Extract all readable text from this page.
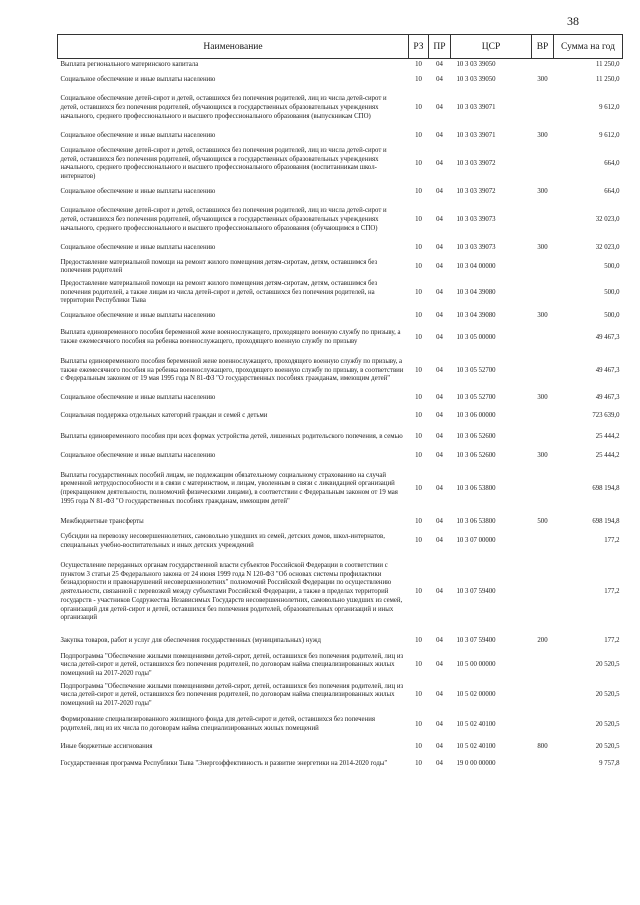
38
Наименование	РЗ	ПР	ЦСР	ВР	Сумма на год
Выплата регионального материнского капитала	10	04	10 3 03 39050		11 250,0
Социальное обеспечение и иные выплаты населению	10	04	10 3 03 39050	300	11 250,0
Социальное обеспечение детей-сирот и детей, оставшихся без попечения родителей, лиц из числа детей-сирот и детей, оставшихся без попечения родителей, обучающихся в государственных образовательных учреждениях начального, среднего профессионального и высшего профессионального образования (выпускникам СПО)	10	04	10 3 03 39071		9 612,0
Социальное обеспечение и иные выплаты населению	10	04	10 3 03 39071	300	9 612,0
Социальное обеспечение детей-сирот и детей, оставшихся без попечения родителей, лиц из числа детей-сирот и детей, оставшихся без попечения родителей, обучающихся в государственных образовательных учреждениях начального, среднего профессионального и высшего профессионального образования (воспитанникам школ-интернатов)	10	04	10 3 03 39072		664,0
Социальное обеспечение и иные выплаты населению	10	04	10 3 03 39072	300	664,0
Социальное обеспечение детей-сирот и детей, оставшихся без попечения родителей, лиц из числа детей-сирот и детей, оставшихся без попечения родителей, обучающихся в государственных образовательных учреждениях начального, среднего профессионального и высшего профессионального образования (обучающимся в СПО)	10	04	10 3 03 39073		32 023,0
Социальное обеспечение и иные выплаты населению	10	04	10 3 03 39073	300	32 023,0
Предоставление материальной помощи на ремонт жилого помещения детям-сиротам, детям, оставшимся без попечения родителей	10	04	10 3 04 00000		500,0
Предоставление материальной помощи на ремонт жилого помещения детям-сиротам, детям, оставшимся без попечения родителей, а также лицам из числа детей-сирот и детей, оставшихся без попечения родителей, на территории Республики Тыва	10	04	10 3 04 39080		500,0
Социальное обеспечение и иные выплаты населению	10	04	10 3 04 39080	300	500,0
Выплата единовременного пособия беременной жене военнослужащего, проходящего военную службу по призыву, а также ежемесячного пособия на ребенка военнослужащего, проходящего военную службу по призыву	10	04	10 3 05 00000		49 467,3
Выплаты единовременного пособия беременной жене военнослужащего, проходящего военную службу по призыву, а также ежемесячного пособия на ребенка военнослужащего, проходящего военную службу по призыву, в соответствии с Федеральным законом от 19 мая 1995 года N 81-ФЗ "О государственных пособиях гражданам, имеющим детей"	10	04	10 3 05 52700		49 467,3
Социальное обеспечение и иные выплаты населению	10	04	10 3 05 52700	300	49 467,3
Социальная поддержка отдельных категорий граждан и семей с детьми	10	04	10 3 06 00000		723 639,0
Выплаты единовременного пособия при всех формах устройства детей, лишенных родительского попечения, в семью	10	04	10 3 06 52600		25 444,2
Социальное обеспечение и иные выплаты населению	10	04	10 3 06 52600	300	25 444,2
Выплаты государственных пособий лицам, не подлежащим обязательному социальному страхованию на случай временной нетрудоспособности и в связи с материнством, и лицам, уволенным в связи с ликвидацией организаций (прекращением деятельности, полномочий физическими лицами), в соответствии с Федеральным законом от 19 мая 1995 года N 81-ФЗ "О государственных пособиях гражданам, имеющим детей"	10	04	10 3 06 53800		698 194,8
Межбюджетные трансферты	10	04	10 3 06 53800	500	698 194,8
Субсидии на перевозку несовершеннолетних, самовольно ушедших из семей, детских домов, школ-интернатов, специальных учебно-воспитательных и иных детских учреждений	10	04	10 3 07 00000		177,2
Осуществление переданных органам государственной власти субъектов Российской Федерации в соответствии с пунктом 3 статьи 25 Федерального закона от 24 июня 1999 года N 120-ФЗ "Об основах системы профилактики безнадзорности и правонарушений несовершеннолетних" полномочий Российской Федерации по осуществлению деятельности, связанной с перевозкой между субъектами Российской Федерации, а также в пределах территорий государств - участников Содружества Независимых Государств несовершеннолетних, самовольно ушедших из семей, организаций для детей-сирот и детей, оставшихся без попечения родителей, образовательных организаций и иных организаций	10	04	10 3 07 59400		177,2
Закупка товаров, работ и услуг для обеспечения государственных (муниципальных) нужд	10	04	10 3 07 59400	200	177,2
Подпрограмма "Обеспечение жилыми помещениями детей-сирот, детей, оставшихся без попечения родителей, лиц из числа детей-сирот и детей, оставшихся без попечения родителей, по договорам найма специализированных жилых помещений на 2017-2020 годы"	10	04	10 5 00 00000		20 520,5
Подпрограмма "Обеспечение жилыми помещениями детей-сирот, детей, оставшихся без попечения родителей, лиц из числа детей-сирот и детей, оставшихся без попечения родителей, по договорам найма специализированных жилых помещений на 2017-2020 годы"	10	04	10 5 02 00000		20 520,5
Формирование специализированного жилищного фонда для детей-сирот и детей, оставшихся без попечения родителей, лиц из их числа по договорам найма специализированных жилых помещений	10	04	10 5 02 40100		20 520,5
Иные бюджетные ассигнования	10	04	10 5 02 40100	800	20 520,5
Государственная программа Республики Тыва "Энергоэффективность и развитие энергетики на 2014-2020 годы"	10	04	19 0 00 00000		9 757,8
